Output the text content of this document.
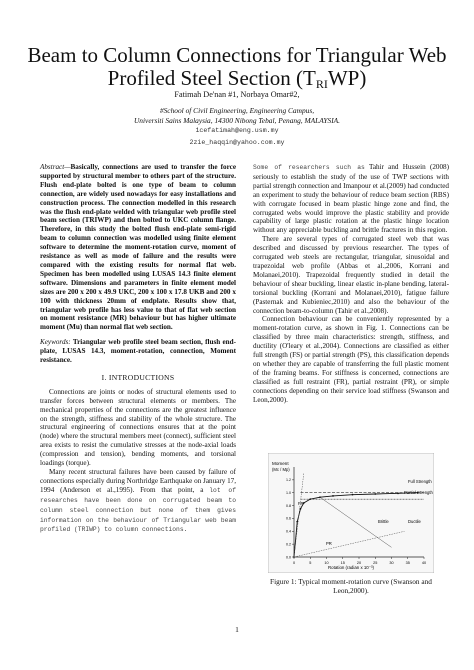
Beam to Column Connections for Triangular Web Profiled Steel Section $(T_{RI}WP)$
Fatimah De'nan #1, Norbaya Omar#2,
#School of Civil Engineering, Engineering Campus,
Universiti Sains Malaysia, 14300 Nibong Tebal, Penang, MALAYSIA.
1cefatimah@eng.usm.my
2zie_haqqin@yahoo.com.my

Abstract—Basically, connections are used to transfer the force supported by structural member to others part of the structure. Flush end-plate bolted is one type of beam to column connection, are widely used nowadays for easy installations and construction process. The connection modelled in this research was the flush end-plate welded with triangular web profile steel beam section (TRIWP) and then bolted to UKC column flange. Therefore, in this study the bolted flush end-plate semi-rigid beam to column connection was modelled using finite element software to determine the moment-rotation curve, moment of resistance as well as mode of failure and the results were compared with the existing results for normal flat web. Specimen has been modelled using LUSAS 14.3 finite element software. Dimensions and parameters in finite element model sizes are 200 x 200 x 49.9 UKC, 200 x 100 x 17.8 UKB and 200 x 100 with thickness 20mm of endplate. Results show that, triangular web profile has less value to that of flat web section on moment resistance (MR) behaviour but has higher ultimate moment (Mu) than normal flat web section.

Keywords: Triangular web profile steel beam section, flush end-plate, LUSAS 14.3, moment-rotation, connection, Moment resistance.

I. INTRODUCTIONS

Connections are joints or nodes of structural elements used to transfer forces between structural elements or members. The mechanical properties of the connections are the greatest influence on the strength, stiffness and stability of the whole structure. The structural engineering of connections ensures that at the point (node) where the structural members meet (connect), sufficient steel area exists to resist the cumulative stresses at the node-axial loads (compression and tension), bending moments, and torsional loadings (torque).

Many recent structural failures have been caused by failure of connections especially during Northridge Earthquake on January 17, 1994 (Anderson et al.,1995). From that point, a lot of researches have been done on corrugated beam to column steel connection but none of them gives information on the behaviour of Triangular web beam profiled (TRIWP) to column connections.

Some of researchers such as Tahir and Hussein (2008) seriously to establish the study of the use of TWP sections with partial strength connection and Imanpour et al.(2009) had conducted an experiment to study the behaviour of reduce beam section (RBS) with corrugate focused in beam plastic hinge zone and find, the corrugated webs would improve the plastic stability and provide capability of large plastic rotation at the plastic hinge location without any appreciable buckling and brittle fractures in this region.

There are several types of corrugated steel web that was described and discussed by previous researcher. The types of corrugated web steels are rectangular, triangular, sinusoidal and trapezoidal web profile (Abbas et al.,2006, Korrani and Molanaei,2010). Trapezoidal frequently studied in detail the behaviour of shear buckling, linear elastic in-plane bending, lateral-torsional buckling (Korrani and Molanaei,2010), fatigue failure (Pasternak and Kubieniec,2010) and also the behaviour of the connection beam-to-column (Tahir et al.,2008).

Connection behaviour can be conveniently represented by a moment-rotation curve, as shown in Fig. 1. Connections can be classified by three main characteristics: strength, stiffness, and ductility (O'leary et al.,2004). Connections are classified as either full strength (FS) or partial strength (PS), this classification depends on whether they are capable of transferring the full plastic moment of the framing beams. For stiffness is concerned, connections are classified as full restraint (FR), partial restraint (PR), or simple connections depending on their service load stiffness (Swanson and Leon,2000).

0	5	10	15	20	25	30	35	40
0.0
0.2
0.4
0.6
0.8
1.0
1.2
Moment
(Mc / Mp)
Rotation (radian x 10⁻³)
Full Strength
Partial Strength
Brittle	Ductile
FR
PR
Figure 1: Typical moment-rotation curve (Swanson and Leon,2000).
1
